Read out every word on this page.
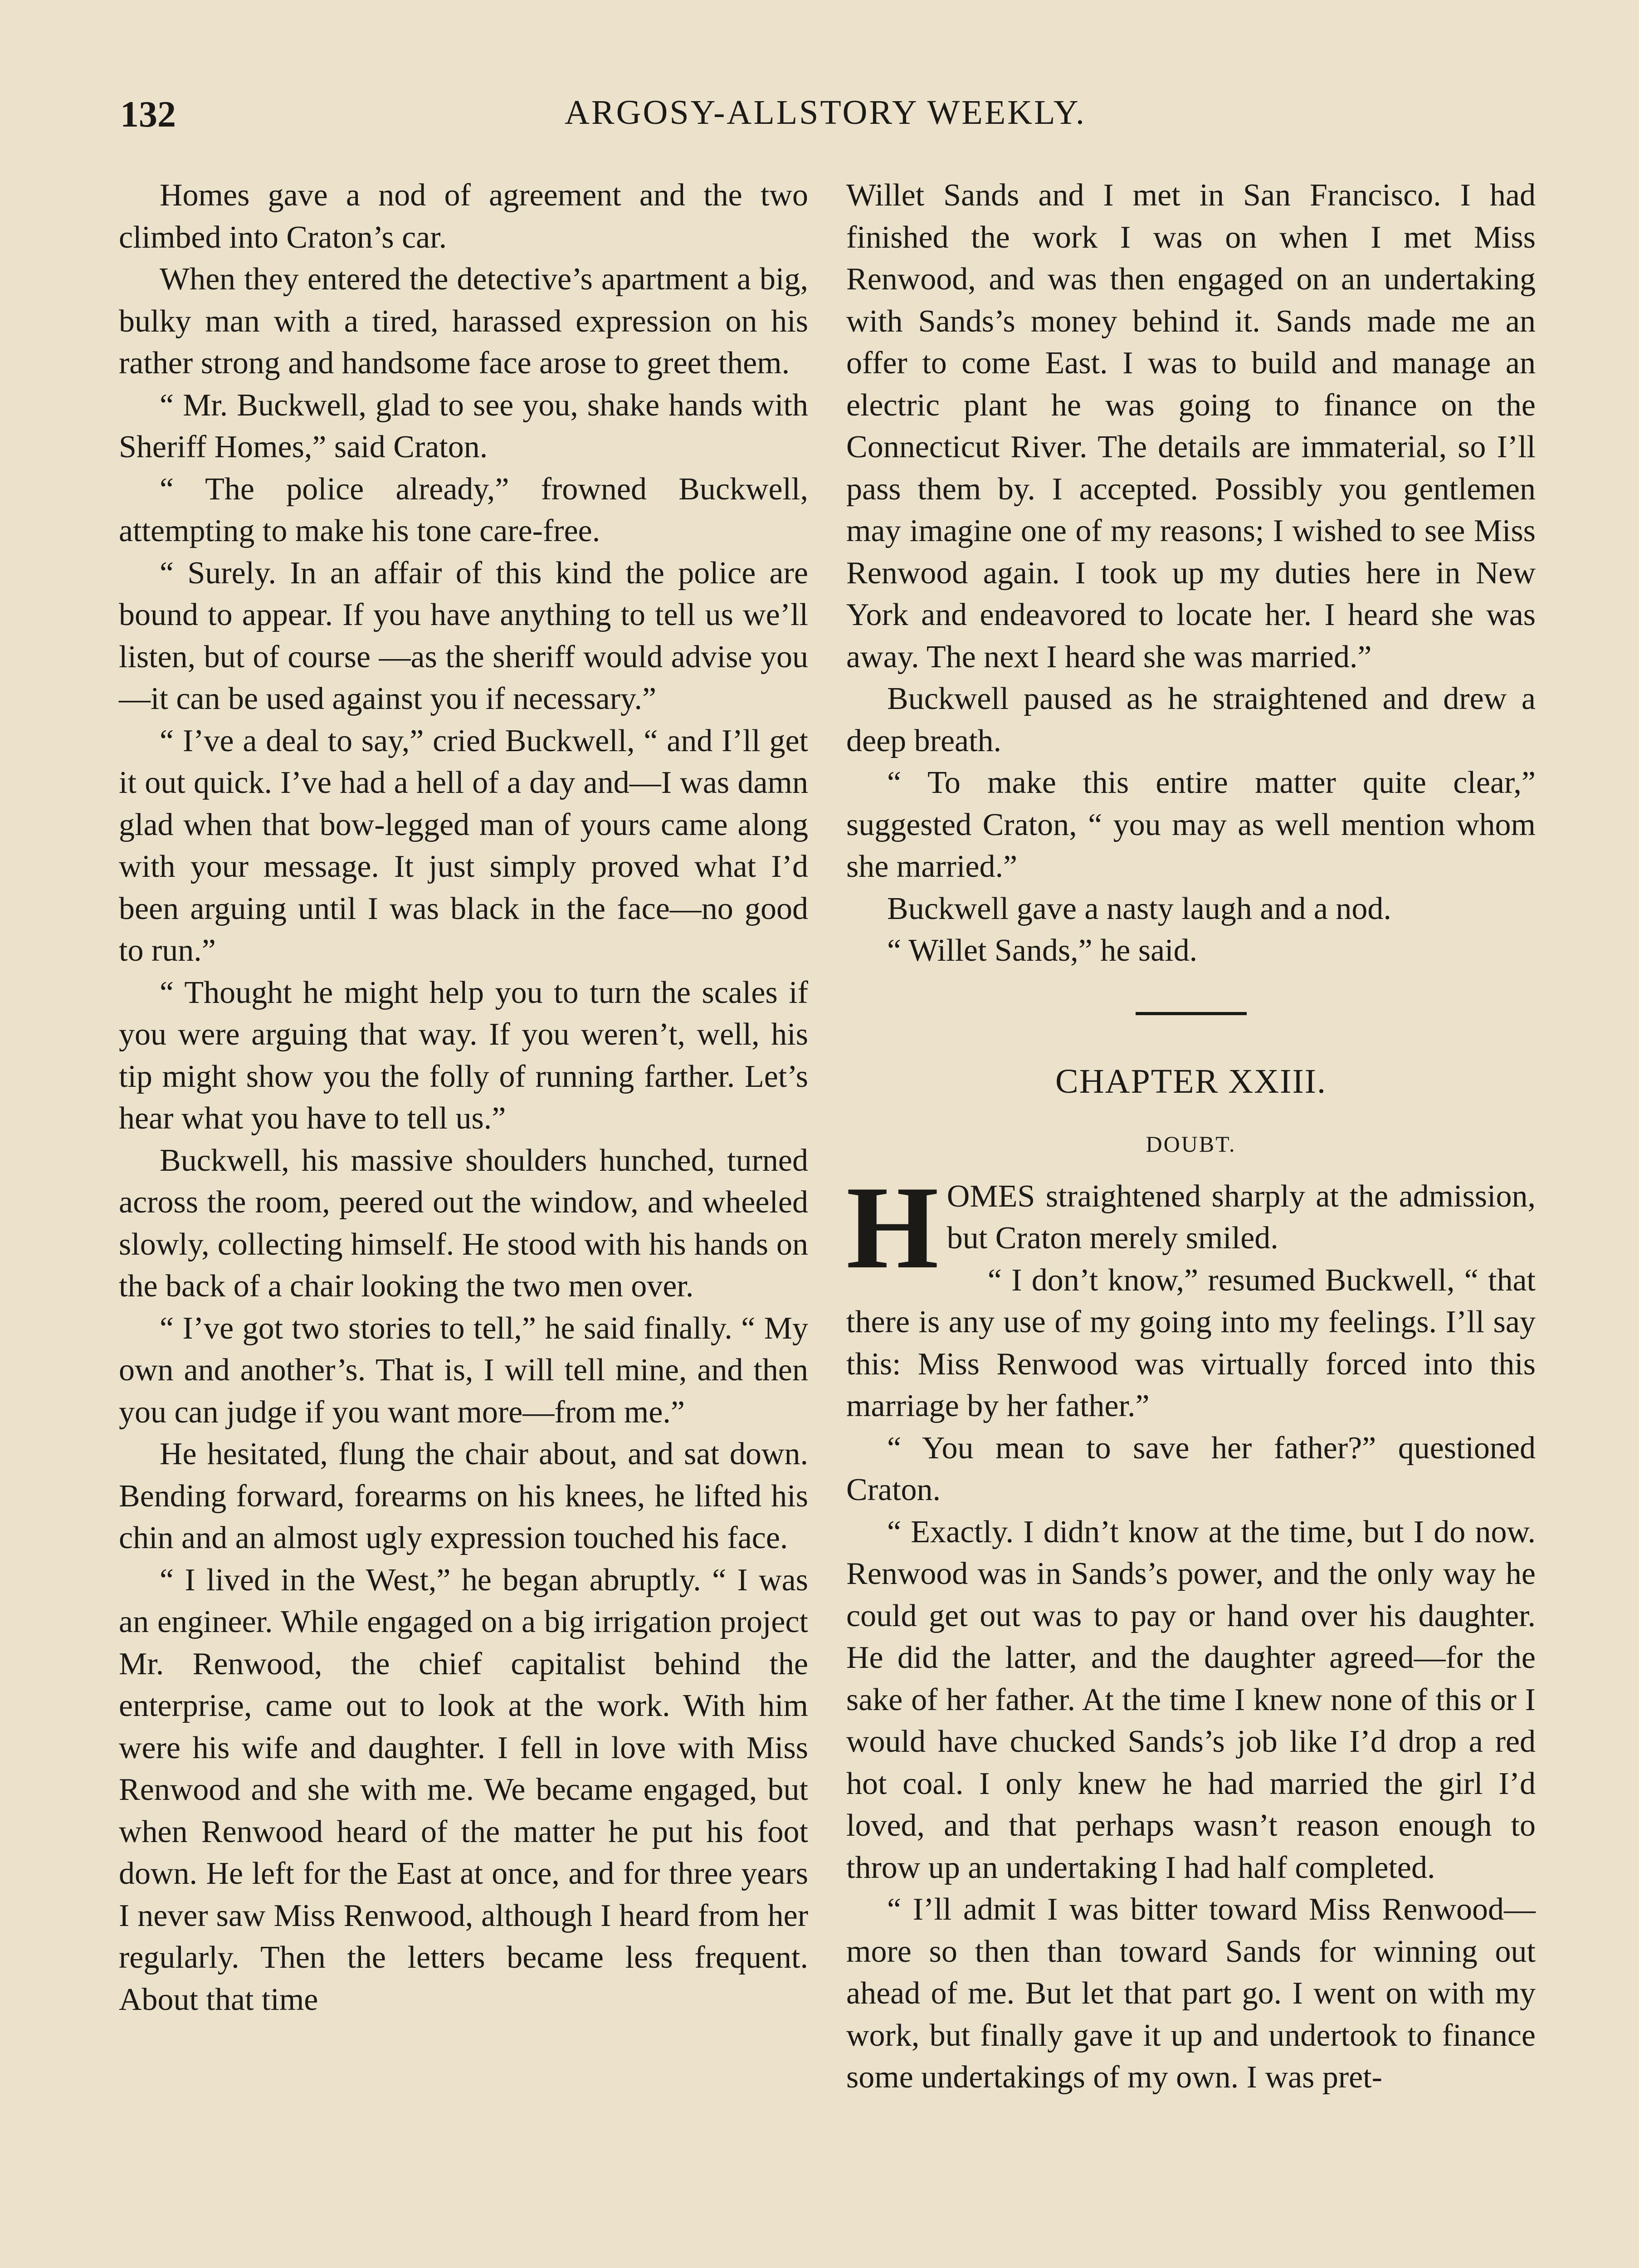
132	ARGOSY-ALLSTORY WEEKLY.

Homes gave a nod of agreement and the two climbed into Craton’s car.

When they entered the detective’s apartment a big, bulky man with a tired, harassed expression on his rather strong and handsome face arose to greet them.

“ Mr. Buckwell, glad to see you, shake hands with Sheriff Homes,” said Craton.

“ The police already,” frowned Buckwell, attempting to make his tone care-free.

“ Surely. In an affair of this kind the police are bound to appear. If you have anything to tell us we’ll listen, but of course —as the sheriff would advise you—it can be used against you if necessary.”

“ I’ve a deal to say,” cried Buckwell, “ and I’ll get it out quick. I’ve had a hell of a day and—I was damn glad when that bow-legged man of yours came along with your message. It just simply proved what I’d been arguing until I was black in the face—no good to run.”

“ Thought he might help you to turn the scales if you were arguing that way. If you weren’t, well, his tip might show you the folly of running farther. Let’s hear what you have to tell us.”

Buckwell, his massive shoulders hunched, turned across the room, peered out the window, and wheeled slowly, collecting himself. He stood with his hands on the back of a chair looking the two men over.

“ I’ve got two stories to tell,” he said finally. “ My own and another’s. That is, I will tell mine, and then you can judge if you want more—from me.”

He hesitated, flung the chair about, and sat down. Bending forward, forearms on his knees, he lifted his chin and an almost ugly expression touched his face.

“ I lived in the West,” he began abruptly. “ I was an engineer. While engaged on a big irrigation project Mr. Renwood, the chief capitalist behind the enterprise, came out to look at the work. With him were his wife and daughter. I fell in love with Miss Renwood and she with me. We became engaged, but when Renwood heard of the matter he put his foot down. He left for the East at once, and for three years I never saw Miss Renwood, although I heard from her regularly. Then the letters became less frequent. About that time

Willet Sands and I met in San Francisco. I had finished the work I was on when I met Miss Renwood, and was then engaged on an undertaking with Sands’s money behind it. Sands made me an offer to come East. I was to build and manage an electric plant he was going to finance on the Connecticut River. The details are immaterial, so I’ll pass them by. I accepted. Possibly you gentlemen may imagine one of my reasons; I wished to see Miss Renwood again. I took up my duties here in New York and endeavored to locate her. I heard she was away. The next I heard she was married.”

Buckwell paused as he straightened and drew a deep breath.

“ To make this entire matter quite clear,” suggested Craton, “ you may as well mention whom she married.”

Buckwell gave a nasty laugh and a nod.

“ Willet Sands,” he said.

CHAPTER XXIII.
DOUBT.

HOMES straightened sharply at the admission, but Craton merely smiled.

“ I don’t know,” resumed Buckwell, “ that there is any use of my going into my feelings. I’ll say this: Miss Renwood was virtually forced into this marriage by her father.”

“ You mean to save her father?” questioned Craton.

“ Exactly. I didn’t know at the time, but I do now. Renwood was in Sands’s power, and the only way he could get out was to pay or hand over his daughter. He did the latter, and the daughter agreed—for the sake of her father. At the time I knew none of this or I would have chucked Sands’s job like I’d drop a red hot coal. I only knew he had married the girl I’d loved, and that perhaps wasn’t reason enough to throw up an undertaking I had half completed.

“ I’ll admit I was bitter toward Miss Renwood—more so then than toward Sands for winning out ahead of me. But let that part go. I went on with my work, but finally gave it up and undertook to finance some undertakings of my own. I was pret-
